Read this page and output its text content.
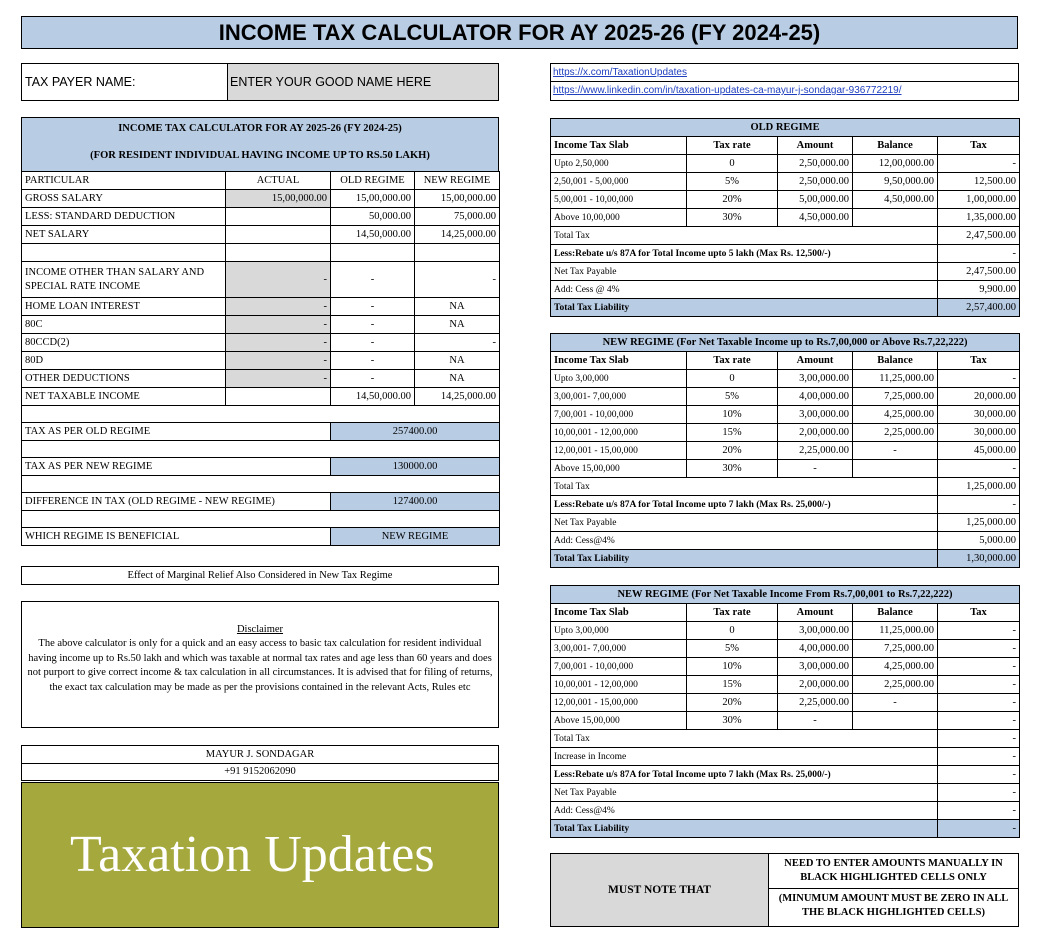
INCOME TAX CALCULATOR FOR AY 2025-26 (FY 2024-25)
TAX PAYER NAME:	ENTER YOUR GOOD NAME HERE
https://x.com/TaxationUpdates
https://www.linkedin.com/in/taxation-updates-ca-mayur-j-sondagar-936772219/
INCOME TAX CALCULATOR FOR AY 2025-26 (FY 2024-25)
(FOR RESIDENT INDIVIDUAL HAVING INCOME UP TO RS.50 LAKH)
PARTICULAR	ACTUAL	OLD REGIME	NEW REGIME
GROSS SALARY	15,00,000.00	15,00,000.00	15,00,000.00
LESS: STANDARD DEDUCTION		50,000.00	75,000.00
NET SALARY		14,50,000.00	14,25,000.00

INCOME OTHER THAN SALARY AND SPECIAL RATE INCOME	-	-	-
HOME LOAN INTEREST	-	-	NA
80C	-	-	NA
80CCD(2)	-	-	-
80D	-	-	NA
OTHER DEDUCTIONS	-	-	NA
NET TAXABLE INCOME		14,50,000.00	14,25,000.00

TAX AS PER OLD REGIME	257400.00

TAX AS PER NEW REGIME	130000.00

DIFFERENCE IN TAX (OLD REGIME - NEW REGIME)	127400.00

WHICH REGIME IS BENEFICIAL	NEW REGIME
Effect of Marginal Relief Also Considered in New Tax Regime
Disclaimer
The above calculator is only for a quick and an easy access to basic tax calculation for resident individual having income up to Rs.50 lakh and which was taxable at normal tax rates and age less than 60 years and does not purport to give correct income & tax calculation in all circumstances. It is advised that for filing of returns, the exact tax calculation may be made as per the provisions contained in the relevant Acts, Rules etc
MAYUR J. SONDAGAR
+91 9152062090
Taxation Updates
OLD REGIME				
Income Tax Slab	Tax rate	Amount	Balance	Tax
Upto 2,50,000	0	2,50,000.00	12,00,000.00	-
2,50,001 - 5,00,000	5%	2,50,000.00	9,50,000.00	12,500.00
5,00,001 - 10,00,000	20%	5,00,000.00	4,50,000.00	1,00,000.00
Above 10,00,000	30%	4,50,000.00		1,35,000.00
Total Tax				2,47,500.00
Less:Rebate u/s 87A for Total Income upto 5 lakh (Max Rs. 12,500/-)				-
Net Tax Payable				2,47,500.00
Add: Cess @ 4%				9,900.00
Total Tax Liability				2,57,400.00
NEW REGIME (For Net Taxable Income up to Rs.7,00,000 or Above Rs.7,22,222)				
Income Tax Slab	Tax rate	Amount	Balance	Tax
Upto 3,00,000	0	3,00,000.00	11,25,000.00	-
3,00,001- 7,00,000	5%	4,00,000.00	7,25,000.00	20,000.00
7,00,001 - 10,00,000	10%	3,00,000.00	4,25,000.00	30,000.00
10,00,001 - 12,00,000	15%	2,00,000.00	2,25,000.00	30,000.00
12,00,001 - 15,00,000	20%	2,25,000.00	-	45,000.00
Above 15,00,000	30%	-		-
Total Tax				1,25,000.00
Less:Rebate u/s 87A for Total Income upto 7 lakh (Max Rs. 25,000/-)				-
Net Tax Payable				1,25,000.00
Add: Cess@4%				5,000.00
Total Tax Liability				1,30,000.00
NEW REGIME (For Net Taxable Income From Rs.7,00,001 to Rs.7,22,222)				
Income Tax Slab	Tax rate	Amount	Balance	Tax
Upto 3,00,000	0	3,00,000.00	11,25,000.00	-
3,00,001- 7,00,000	5%	4,00,000.00	7,25,000.00	-
7,00,001 - 10,00,000	10%	3,00,000.00	4,25,000.00	-
10,00,001 - 12,00,000	15%	2,00,000.00	2,25,000.00	-
12,00,001 - 15,00,000	20%	2,25,000.00	-	-
Above 15,00,000	30%	-		-
Total Tax				-
Increase in Income				-
Less:Rebate u/s 87A for Total Income upto 7 lakh (Max Rs. 25,000/-)				-
Net Tax Payable				-
Add: Cess@4%				-
Total Tax Liability				-
MUST NOTE THAT
NEED TO ENTER AMOUNTS MANUALLY IN BLACK HIGHLIGHTED CELLS ONLY
(MINUMUM AMOUNT MUST BE ZERO IN ALL THE BLACK HIGHLIGHTED CELLS)
